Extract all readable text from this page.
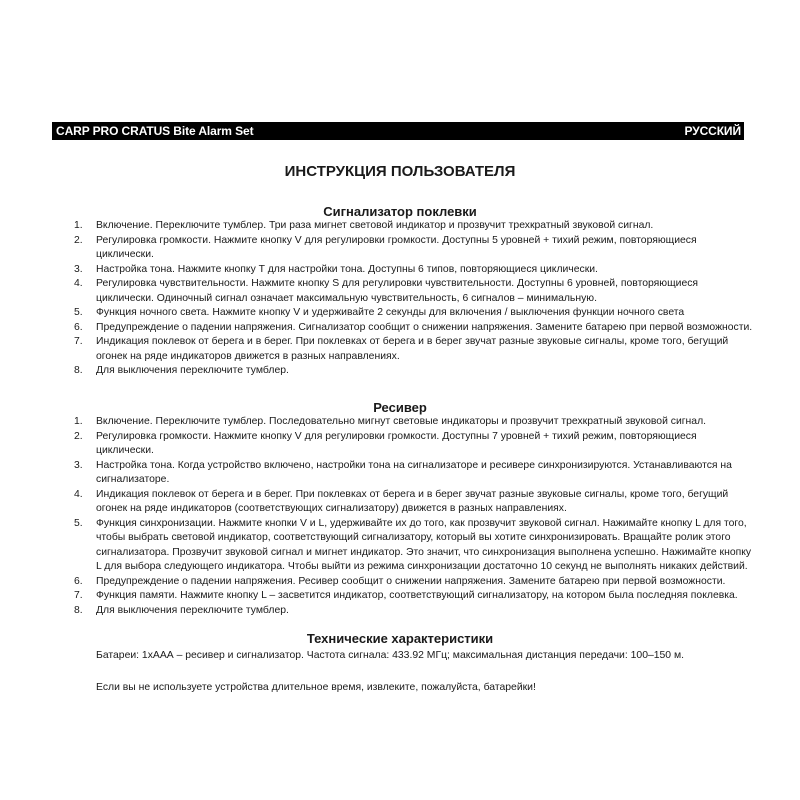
CARP PRO CRATUS Bite Alarm Set	РУССКИЙ
ИНСТРУКЦИЯ ПОЛЬЗОВАТЕЛЯ
Сигнализатор поклевки
1.	Включение. Переключите тумблер. Три раза мигнет световой индикатор и прозвучит трехкратный звуковой сигнал.
2.	Регулировка громкости. Нажмите кнопку V для регулировки громкости. Доступны 5 уровней + тихий режим, повторяющиеся циклически.
3.	Настройка тона. Нажмите кнопку T для настройки тона. Доступны 6 типов, повторяющиеся циклически.
4.	Регулировка чувствительности. Нажмите кнопку S для регулировки чувствительности. Доступны 6 уровней, повторяющиеся циклически. Одиночный сигнал означает максимальную чувствительность, 6 сигналов – минимальную.
5.	Функция ночного света. Нажмите кнопку V и удерживайте 2 секунды для включения / выключения функции ночного света
6.	Предупреждение о падении напряжения. Сигнализатор сообщит о снижении напряжения. Замените батарею при первой возможности.
7.	Индикация поклевок от берега и в берег. При поклевках от берега и в берег звучат разные звуковые сигналы, кроме того, бегущий огонек на ряде индикаторов движется в разных направлениях.
8.	Для выключения переключите тумблер.
Ресивер
1.	Включение. Переключите тумблер. Последовательно мигнут световые индикаторы и прозвучит трехкратный звуковой сигнал.
2.	Регулировка громкости. Нажмите кнопку V для регулировки громкости. Доступны 7 уровней + тихий режим, повторяющиеся циклически.
3.	Настройка тона. Когда устройство включено, настройки тона на сигнализаторе и ресивере синхронизируются. Устанавливаются на сигнализаторе.
4.	Индикация поклевок от берега и в берег. При поклевках от берега и в берег звучат разные звуковые сигналы, кроме того, бегущий огонек на ряде индикаторов (соответствующих сигнализатору) движется в разных направлениях.
5.	Функция синхронизации. Нажмите кнопки V и L, удерживайте их до того, как прозвучит звуковой сигнал. Нажимайте кнопку L для того, чтобы выбрать световой индикатор, соответствующий сигнализатору, который вы хотите синхронизировать. Вращайте ролик этого сигнализатора. Прозвучит звуковой сигнал и мигнет индикатор. Это значит, что синхронизация выполнена успешно. Нажимайте кнопку L для выбора следующего индикатора. Чтобы выйти из режима синхронизации достаточно 10 секунд не выполнять никаких действий.
6.	Предупреждение о падении напряжения. Ресивер сообщит о снижении напряжения. Замените батарею при первой возможности.
7.	Функция памяти. Нажмите кнопку L – засветится индикатор, соответствующий сигнализатору, на котором была последняя поклевка.
8.	Для выключения переключите тумблер.
Технические характеристики
Батареи: 1хААА – ресивер и сигнализатор. Частота сигнала: 433.92 МГц; максимальная дистанция передачи: 100–150 м.
Если вы не используете устройства длительное время, извлеките, пожалуйста, батарейки!
